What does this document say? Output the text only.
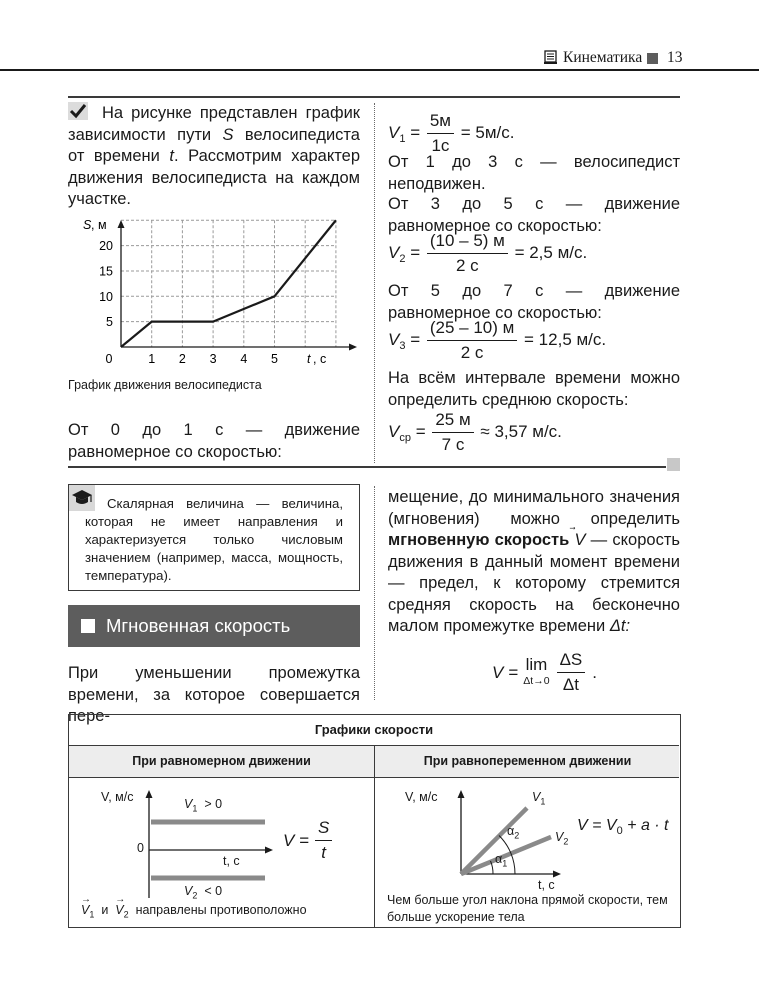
Кинематика 13
На рисунке представлен график зависимости пути S велосипедиста от времени t. Рассмотрим характер движения велосипедиста на каждом участке.
0	1 2 3 4 5
5
10
15
20
S , м
t , с
График движения велосипедиста
От 0 до 1 с — движение равномерное со скоростью:
$V_1 = \frac{5м}{1с} = 5м/с$.
От 1 до 3 с — велосипедист неподвижен.
От 3 до 5 с — движение равномерное со скоростью:
$V_2 = \frac{(10 - 5) м}{2 с} = 2,5$ м/с.
От 5 до 7 с — движение равномерное со скоростью:
$V_3 = \frac{(25 - 10) м}{2 с} = 12,5$ м/с.
На всём интервале времени можно определить среднюю скорость:
$V_{ср} = \frac{25 м}{7 с} \approx 3,57$ м/с.
Скалярная величина — величина, которая не имеет направления и характеризуется только числовым значением (например, масса, мощность, температура).
Мгновенная скорость
При уменьшении промежутка времени, за которое совершается пере-
мещение, до минимального значения (мгновения) можно определить мгновенную скорость V
— скорость движения в данный момент времени — предел, к которому стремится средняя скорость на бесконечно малом промежутке времени Δt:
V = lim
$\Delta t\to 0 \frac{\Delta S}{\Delta t}$ .
Графики скорости
При равномерном движении	При равнопеременном движении
V, м/с
0
t, с
$V_1 > 0$
$V_2 < 0$
$V = \frac{S}{t}$
V
→
$_1$ и V
→
$_2$ направлены противоположно
V, м/с
t, с
$V_1$
$V_2$
$\alpha_2$
$\alpha_1$
$V = V_0 + a \cdot t$
Чем больше угол наклона прямой скорости, тем больше ускорение тела
